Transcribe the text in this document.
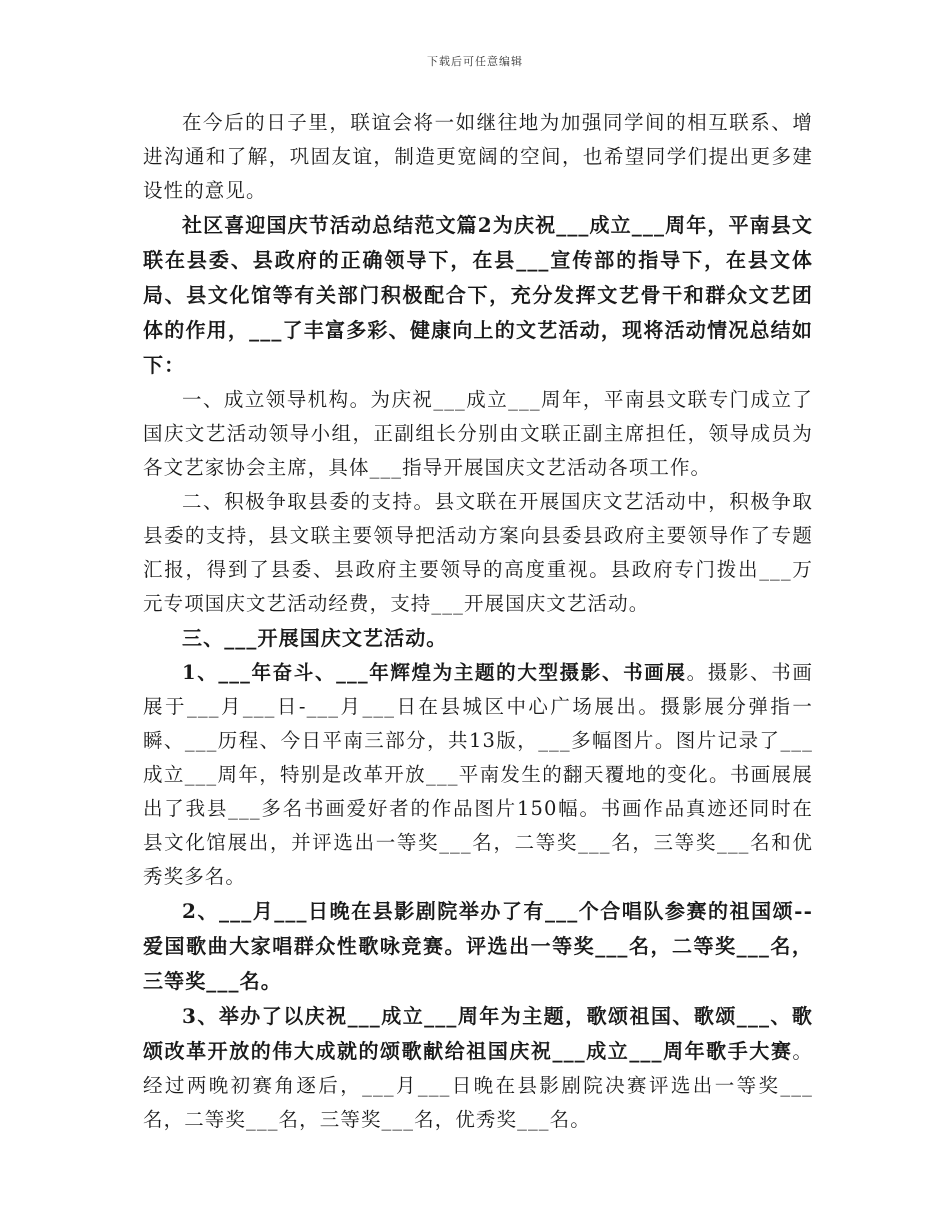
下载后可任意编辑

在今后的日子里，联谊会将一如继往地为加强同学间的相互联系、增进沟通和了解，巩固友谊，制造更宽阔的空间，也希望同学们提出更多建设性的意见。

社区喜迎国庆节活动总结范文篇2为庆祝___成立___周年，平南县文联在县委、县政府的正确领导下，在县___宣传部的指导下，在县文体局、县文化馆等有关部门积极配合下，充分发挥文艺骨干和群众文艺团体的作用，___了丰富多彩、健康向上的文艺活动，现将活动情况总结如下：

一、成立领导机构。为庆祝___成立___周年，平南县文联专门成立了国庆文艺活动领导小组，正副组长分别由文联正副主席担任，领导成员为各文艺家协会主席，具体___指导开展国庆文艺活动各项工作。

二、积极争取县委的支持。县文联在开展国庆文艺活动中，积极争取县委的支持，县文联主要领导把活动方案向县委县政府主要领导作了专题汇报，得到了县委、县政府主要领导的高度重视。县政府专门拨出___万元专项国庆文艺活动经费，支持___开展国庆文艺活动。

三、___开展国庆文艺活动。

1、___年奋斗、___年辉煌为主题的大型摄影、书画展。摄影、书画展于___月___日-___月___日在县城区中心广场展出。摄影展分弹指一瞬、___历程、今日平南三部分，共13版，___多幅图片。图片记录了___成立___周年，特别是改革开放___平南发生的翻天覆地的变化。书画展展出了我县___多名书画爱好者的作品图片150幅。书画作品真迹还同时在县文化馆展出，并评选出一等奖___名，二等奖___名，三等奖___名和优秀奖多名。

2、___月___日晚在县影剧院举办了有___个合唱队参赛的祖国颂--爱国歌曲大家唱群众性歌咏竞赛。评选出一等奖___名，二等奖___名，三等奖___名。

3、举办了以庆祝___成立___周年为主题，歌颂祖国、歌颂___、歌颂改革开放的伟大成就的颂歌献给祖国庆祝___成立___周年歌手大赛。经过两晚初赛角逐后，___月___日晚在县影剧院决赛评选出一等奖___名，二等奖___名，三等奖___名，优秀奖___名。
